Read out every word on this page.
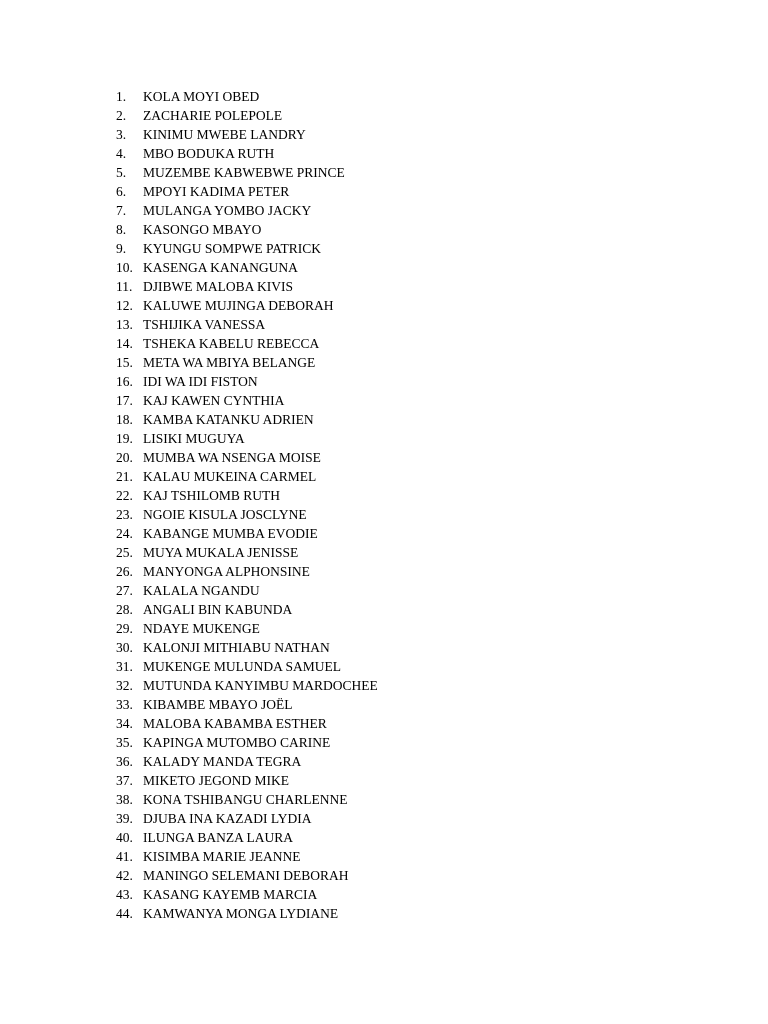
1.	KOLA MOYI OBED
2.	ZACHARIE POLEPOLE
3.	KINIMU MWEBE LANDRY
4.	MBO BODUKA RUTH
5.	MUZEMBE KABWEBWE PRINCE
6.	MPOYI KADIMA PETER
7.	MULANGA YOMBO JACKY
8.	KASONGO MBAYO
9.	KYUNGU SOMPWE PATRICK
10. KASENGA KANANGUNA
11. DJIBWE MALOBA KIVIS
12. KALUWE MUJINGA DEBORAH
13. TSHIJIKA VANESSA
14. TSHEKA KABELU REBECCA
15. META WA MBIYA BELANGE
16. IDI WA IDI FISTON
17. KAJ KAWEN CYNTHIA
18. KAMBA KATANKU ADRIEN
19. LISIKI MUGUYA
20. MUMBA WA NSENGA MOISE
21. KALAU MUKEINA CARMEL
22. KAJ TSHILOMB RUTH
23. NGOIE KISULA JOSCLYNE
24. KABANGE MUMBA EVODIE
25. MUYA MUKALA JENISSE
26. MANYONGA ALPHONSINE
27. KALALA NGANDU
28. ANGALI BIN KABUNDA
29. NDAYE MUKENGE
30. KALONJI MITHIABU NATHAN
31. MUKENGE MULUNDA SAMUEL
32. MUTUNDA KANYIMBU MARDOCHEE
33. KIBAMBE MBAYO JOËL
34. MALOBA KABAMBA ESTHER
35. KAPINGA MUTOMBO CARINE
36. KALADY MANDA TEGRA
37. MIKETO JEGOND MIKE
38. KONA TSHIBANGU CHARLENNE
39. DJUBA INA KAZADI LYDIA
40. ILUNGA BANZA LAURA
41. KISIMBA MARIE JEANNE
42. MANINGO SELEMANI DEBORAH
43. KASANG KAYEMB MARCIA
44. KAMWANYA MONGA LYDIANE
